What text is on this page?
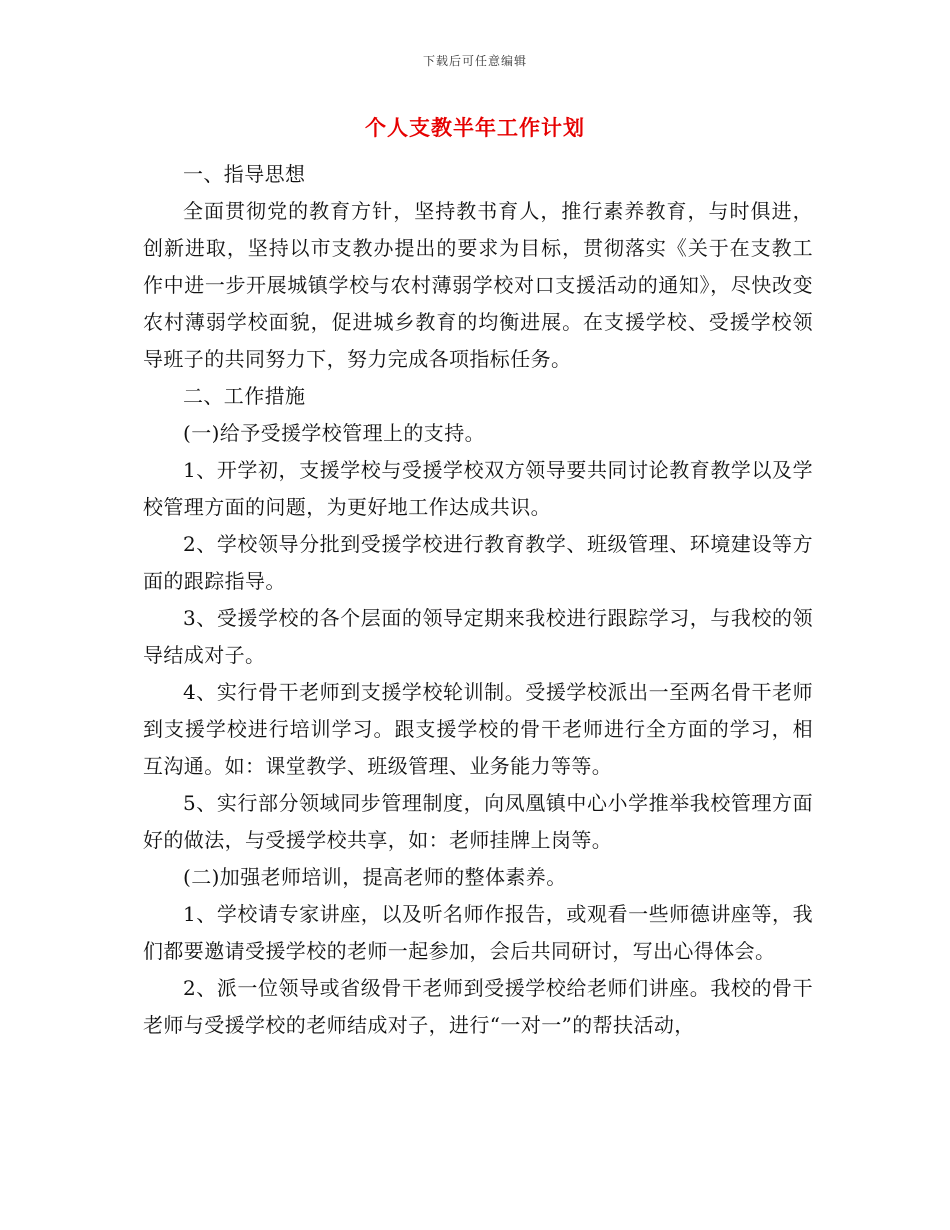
下载后可任意编辑
个人支教半年工作计划

一、指导思想

全面贯彻党的教育方针，坚持教书育人，推行素养教育，与时俱进，创新进取，坚持以市支教办提出的要求为目标，贯彻落实《关于在支教工作中进一步开展城镇学校与农村薄弱学校对口支援活动的通知》，尽快改变农村薄弱学校面貌，促进城乡教育的均衡进展。在支援学校、受援学校领导班子的共同努力下，努力完成各项指标任务。

二、工作措施

(一)给予受援学校管理上的支持。

1、开学初，支援学校与受援学校双方领导要共同讨论教育教学以及学校管理方面的问题，为更好地工作达成共识。

2、学校领导分批到受援学校进行教育教学、班级管理、环境建设等方面的跟踪指导。

3、受援学校的各个层面的领导定期来我校进行跟踪学习，与我校的领导结成对子。

4、实行骨干老师到支援学校轮训制。受援学校派出一至两名骨干老师到支援学校进行培训学习。跟支援学校的骨干老师进行全方面的学习，相互沟通。如：课堂教学、班级管理、业务能力等等。

5、实行部分领域同步管理制度，向凤凰镇中心小学推举我校管理方面好的做法，与受援学校共享，如：老师挂牌上岗等。

(二)加强老师培训，提高老师的整体素养。

1、学校请专家讲座，以及听名师作报告，或观看一些师德讲座等，我们都要邀请受援学校的老师一起参加，会后共同研讨，写出心得体会。

2、派一位领导或省级骨干老师到受援学校给老师们讲座。我校的骨干老师与受援学校的老师结成对子，进行“一对一”的帮扶活动，
